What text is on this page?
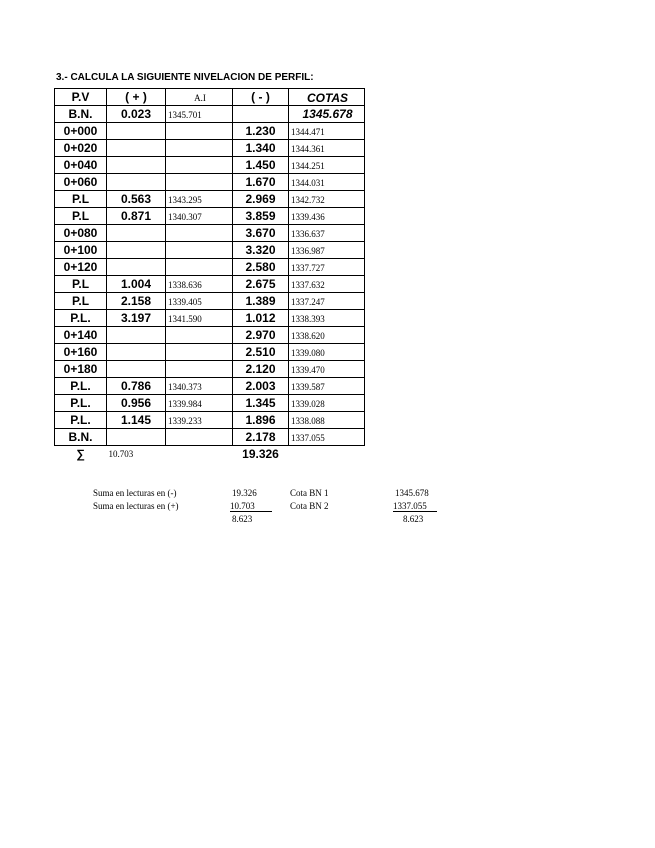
3.- CALCULA LA SIGUIENTE NIVELACION DE PERFIL:
P.V	( + )	A.I	( - )	COTAS
B.N.	0.023	1345.701		1345.678
0+000			1.230	1344.471
0+020			1.340	1344.361
0+040			1.450	1344.251
0+060			1.670	1344.031
P.L	0.563	1343.295	2.969	1342.732
P.L	0.871	1340.307	3.859	1339.436
0+080			3.670	1336.637
0+100			3.320	1336.987
0+120			2.580	1337.727
P.L	1.004	1338.636	2.675	1337.632
P.L	2.158	1339.405	1.389	1337.247
P.L.	3.197	1341.590	1.012	1338.393
0+140			2.970	1338.620
0+160			2.510	1339.080
0+180			2.120	1339.470
P.L.	0.786	1340.373	2.003	1339.587
P.L.	0.956	1339.984	1.345	1339.028
P.L.	1.145	1339.233	1.896	1338.088
B.N.			2.178	1337.055
∑	10.703		19.326	
Suma en lecturas en (-)	19.326
Suma en lecturas en (+)	10.703
8.623
Cota BN 1	1345.678
Cota BN 2	1337.055
8.623
